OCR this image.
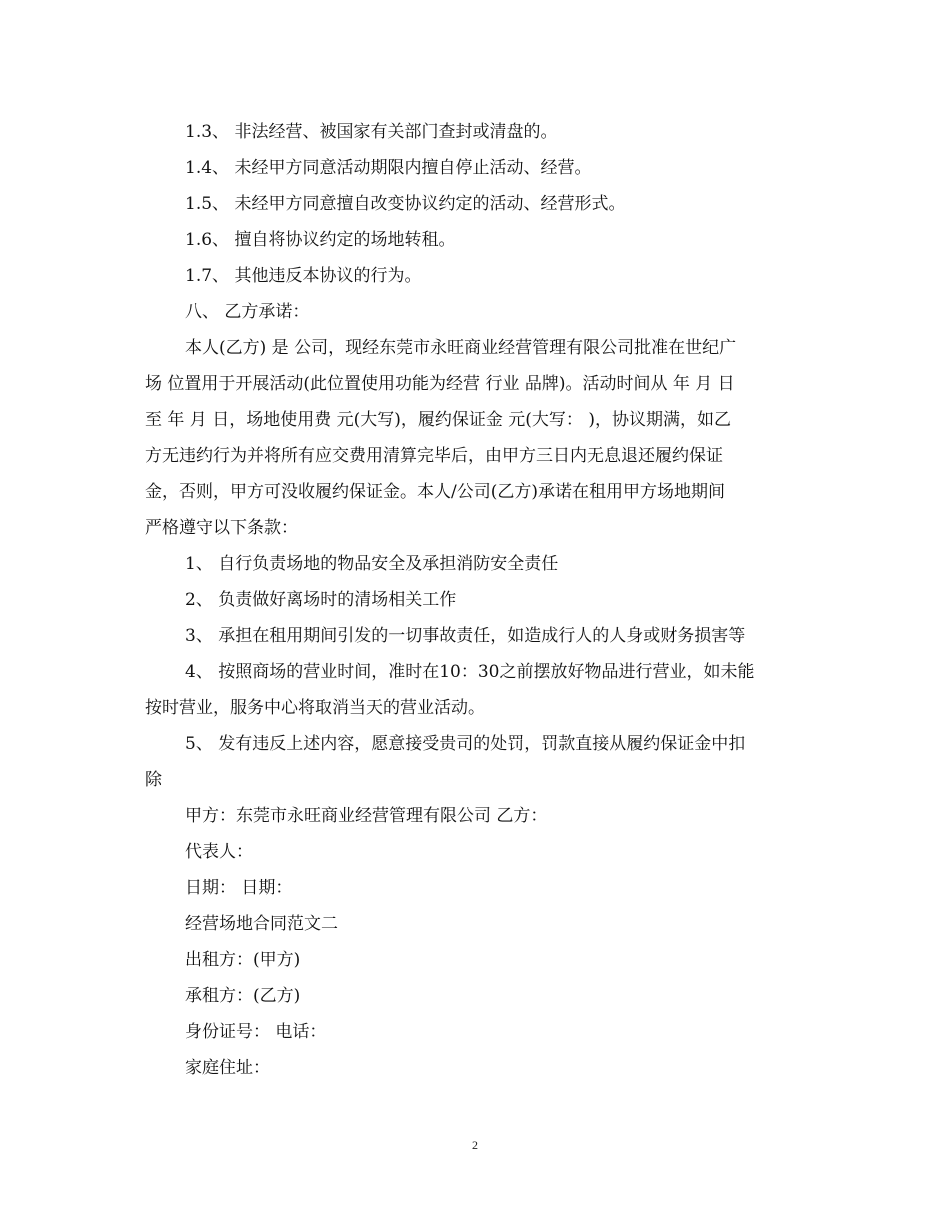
1.3、 非法经营、被国家有关部门查封或清盘的。
1.4、 未经甲方同意活动期限内擅自停止活动、经营。
1.5、 未经甲方同意擅自改变协议约定的活动、经营形式。
1.6、 擅自将协议约定的场地转租。
1.7、 其他违反本协议的行为。
八、 乙方承诺：
本人(乙方) 是 公司，现经东莞市永旺商业经营管理有限公司批准在世纪广
场 位置用于开展活动(此位置使用功能为经营 行业 品牌)。活动时间从 年 月 日
至 年 月 日，场地使用费 元(大写)，履约保证金 元(大写： )，协议期满，如乙
方无违约行为并将所有应交费用清算完毕后，由甲方三日内无息退还履约保证
金，否则，甲方可没收履约保证金。本人/公司(乙方)承诺在租用甲方场地期间
严格遵守以下条款：
1、 自行负责场地的物品安全及承担消防安全责任
2、 负责做好离场时的清场相关工作
3、 承担在租用期间引发的一切事故责任，如造成行人的人身或财务损害等
4、 按照商场的营业时间，准时在10：30之前摆放好物品进行营业，如未能
按时营业，服务中心将取消当天的营业活动。
5、 发有违反上述内容，愿意接受贵司的处罚，罚款直接从履约保证金中扣
除
甲方：东莞市永旺商业经营管理有限公司 乙方：
代表人：
日期： 日期：
经营场地合同范文二
出租方：(甲方)
承租方：(乙方)
身份证号： 电话：
家庭住址：
2
